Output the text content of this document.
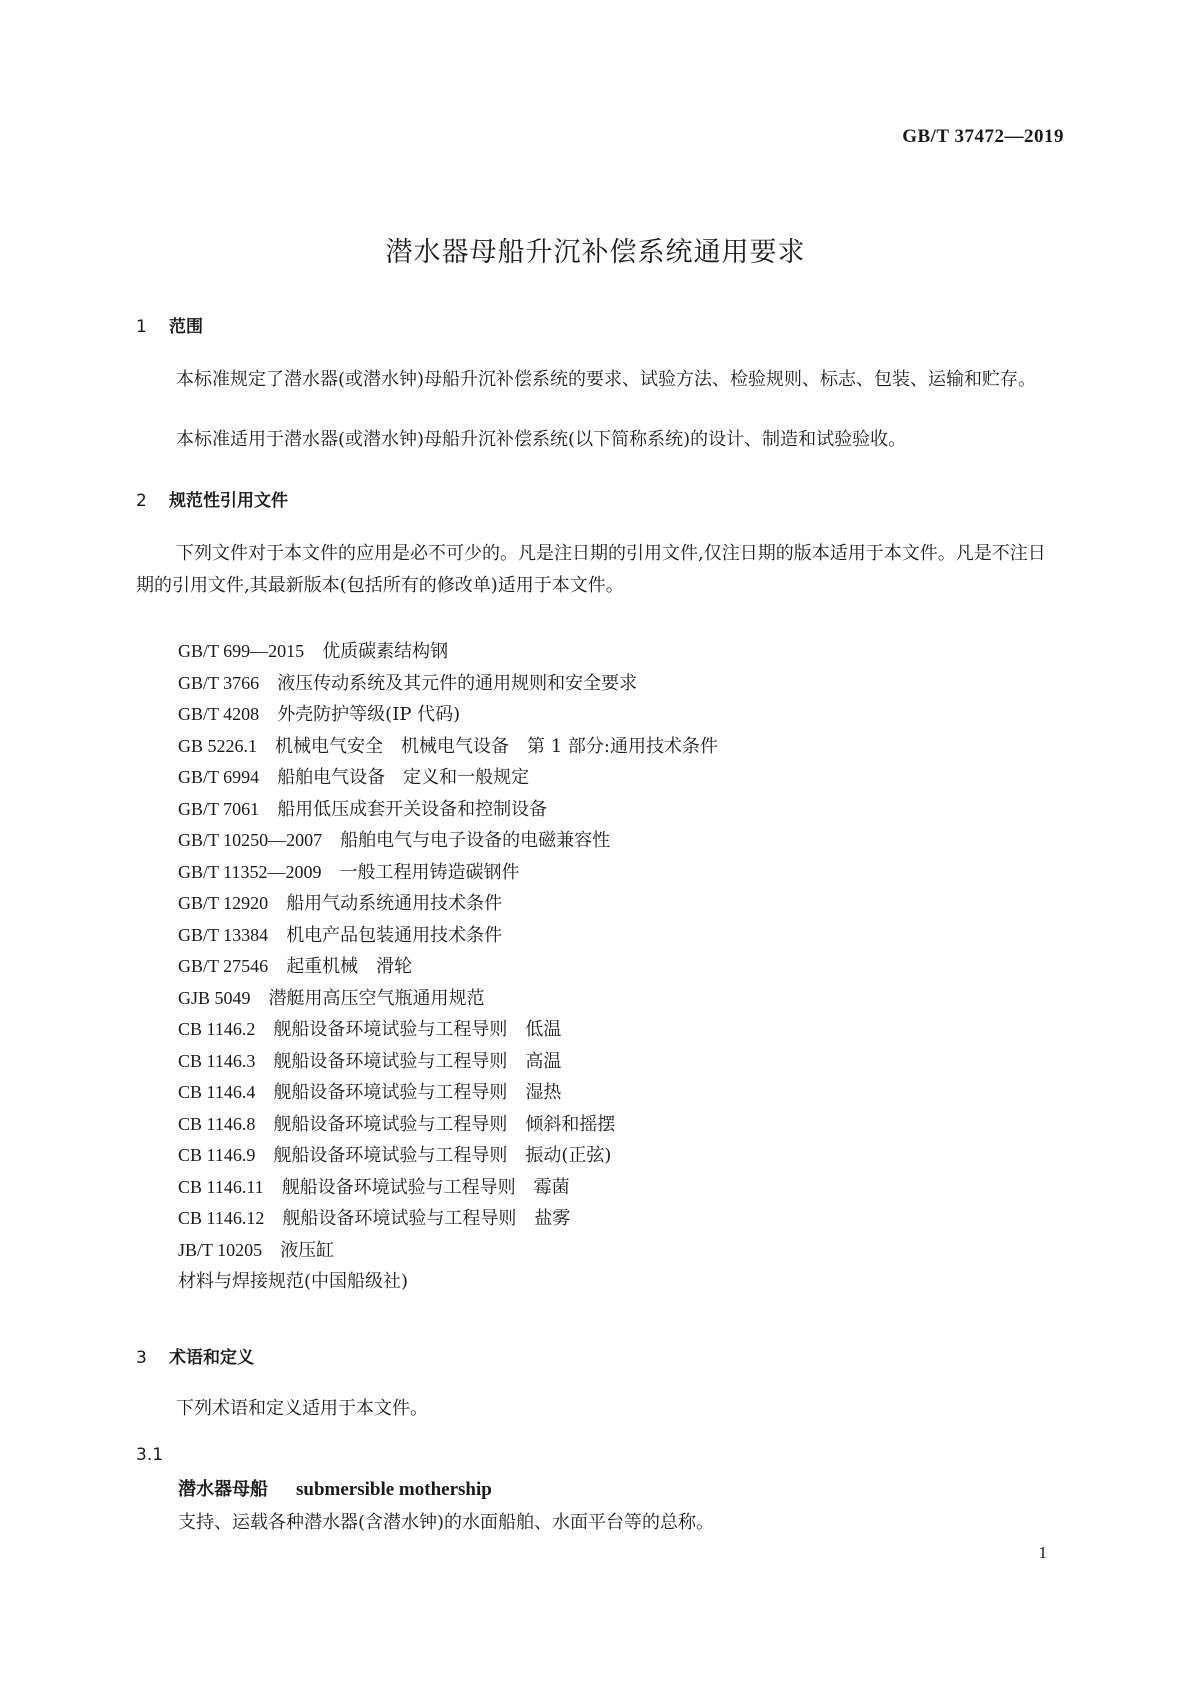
GB/T 37472—2019
潜水器母船升沉补偿系统通用要求
1 范围

本标准规定了潜水器(或潜水钟)母船升沉补偿系统的要求、试验方法、检验规则、标志、包装、运输和贮存。

本标准适用于潜水器(或潜水钟)母船升沉补偿系统(以下简称系统)的设计、制造和试验验收。

2 规范性引用文件

下列文件对于本文件的应用是必不可少的。凡是注日期的引用文件,仅注日期的版本适用于本文件。凡是不注日期的引用文件,其最新版本(包括所有的修改单)适用于本文件。

GB/T 699—2015 优质碳素结构钢
GB/T 3766 液压传动系统及其元件的通用规则和安全要求
GB/T 4208 外壳防护等级(IP 代码)
GB 5226.1 机械电气安全　机械电气设备　第 1 部分:通用技术条件
GB/T 6994 船舶电气设备　定义和一般规定
GB/T 7061 船用低压成套开关设备和控制设备
GB/T 10250—2007 船舶电气与电子设备的电磁兼容性
GB/T 11352—2009 一般工程用铸造碳钢件
GB/T 12920 船用气动系统通用技术条件
GB/T 13384 机电产品包装通用技术条件
GB/T 27546 起重机械　滑轮
GJB 5049 潜艇用高压空气瓶通用规范
CB 1146.2 舰船设备环境试验与工程导则　低温
CB 1146.3 舰船设备环境试验与工程导则　高温
CB 1146.4 舰船设备环境试验与工程导则　湿热
CB 1146.8 舰船设备环境试验与工程导则　倾斜和摇摆
CB 1146.9 舰船设备环境试验与工程导则　振动(正弦)
CB 1146.11 舰船设备环境试验与工程导则　霉菌
CB 1146.12 舰船设备环境试验与工程导则　盐雾
JB/T 10205 液压缸
材料与焊接规范(中国船级社)
3 术语和定义

下列术语和定义适用于本文件。

3.1
潜水器母船 submersible mothership
支持、运载各种潜水器(含潜水钟)的水面船舶、水面平台等的总称。
1
